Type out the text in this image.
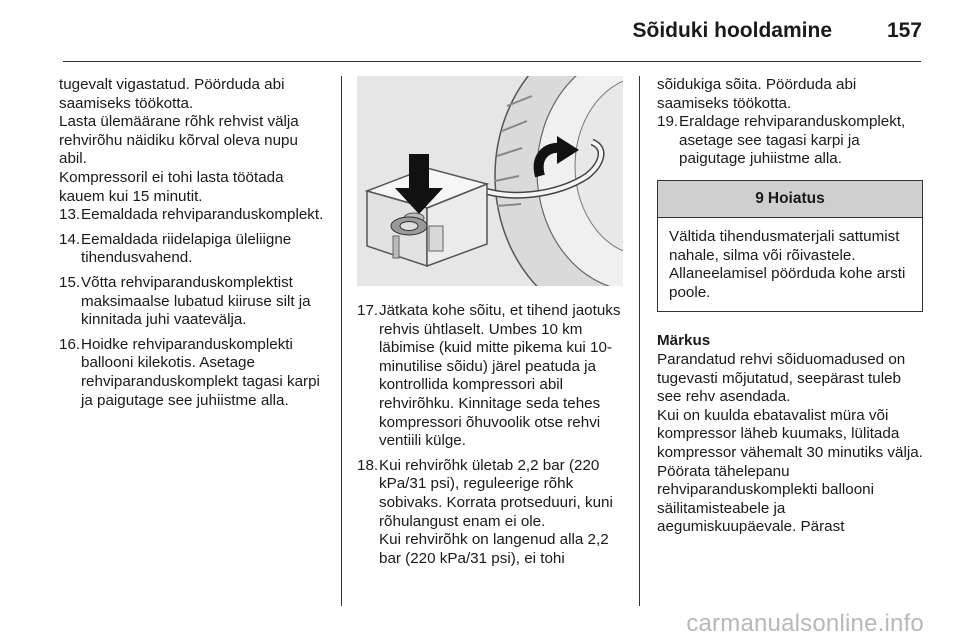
Sõiduki hooldamine	157

tugevalt vigastatud. Pöörduda abi saamiseks töökotta.

Lasta ülemäärane rõhk rehvist välja rehvirõhu näidiku kõrval oleva nupu abil.

Kompressoril ei tohi lasta töötada kauem kui 15 minutit.

13. Eemaldada rehviparanduskomplekt.
14. Eemaldada riidelapiga üleliigne tihendusvahend.
15. Võtta rehviparanduskomplektist maksimaalse lubatud kiiruse silt ja kinnitada juhi vaatevälja.
16. Hoidke rehviparanduskomplekti ballooni kilekotis. Asetage rehviparanduskomplekt tagasi karpi ja paigutage see juhiistme alla.
17. Jätkata kohe sõitu, et tihend jaotuks rehvis ühtlaselt. Umbes 10 km läbimise (kuid mitte pikema kui 10-minutilise sõidu) järel peatuda ja kontrollida kompressori abil rehvirõhku. Kinnitage seda tehes kompressori õhuvoolik otse rehvi ventiili külge.
18. Kui rehvirõhk ületab 2,2 bar (220 kPa/31 psi), reguleerige rõhk sobivaks. Korrata protseduuri, kuni rõhulangust enam ei ole.

Kui rehvirõhk on langenud alla 2,2 bar (220 kPa/31 psi), ei tohi

sõidukiga sõita. Pöörduda abi saamiseks töökotta.

19. Eraldage rehviparanduskomplekt, asetage see tagasi karpi ja paigutage juhiistme alla.
9 Hoiatus
Vältida tihendusmaterjali sattumist nahale, silma või rõivastele. Allaneelamisel pöörduda kohe arsti poole.

Märkus

Parandatud rehvi sõiduomadused on tugevasti mõjutatud, seepärast tuleb see rehv asendada.

Kui on kuulda ebatavalist müra või kompressor läheb kuumaks, lülitada kompressor vähemalt 30 minutiks välja.

Pöörata tähelepanu rehviparanduskomplekti ballooni säilitamisteabele ja aegumiskuupäevale. Pärast

carmanualsonline.info
